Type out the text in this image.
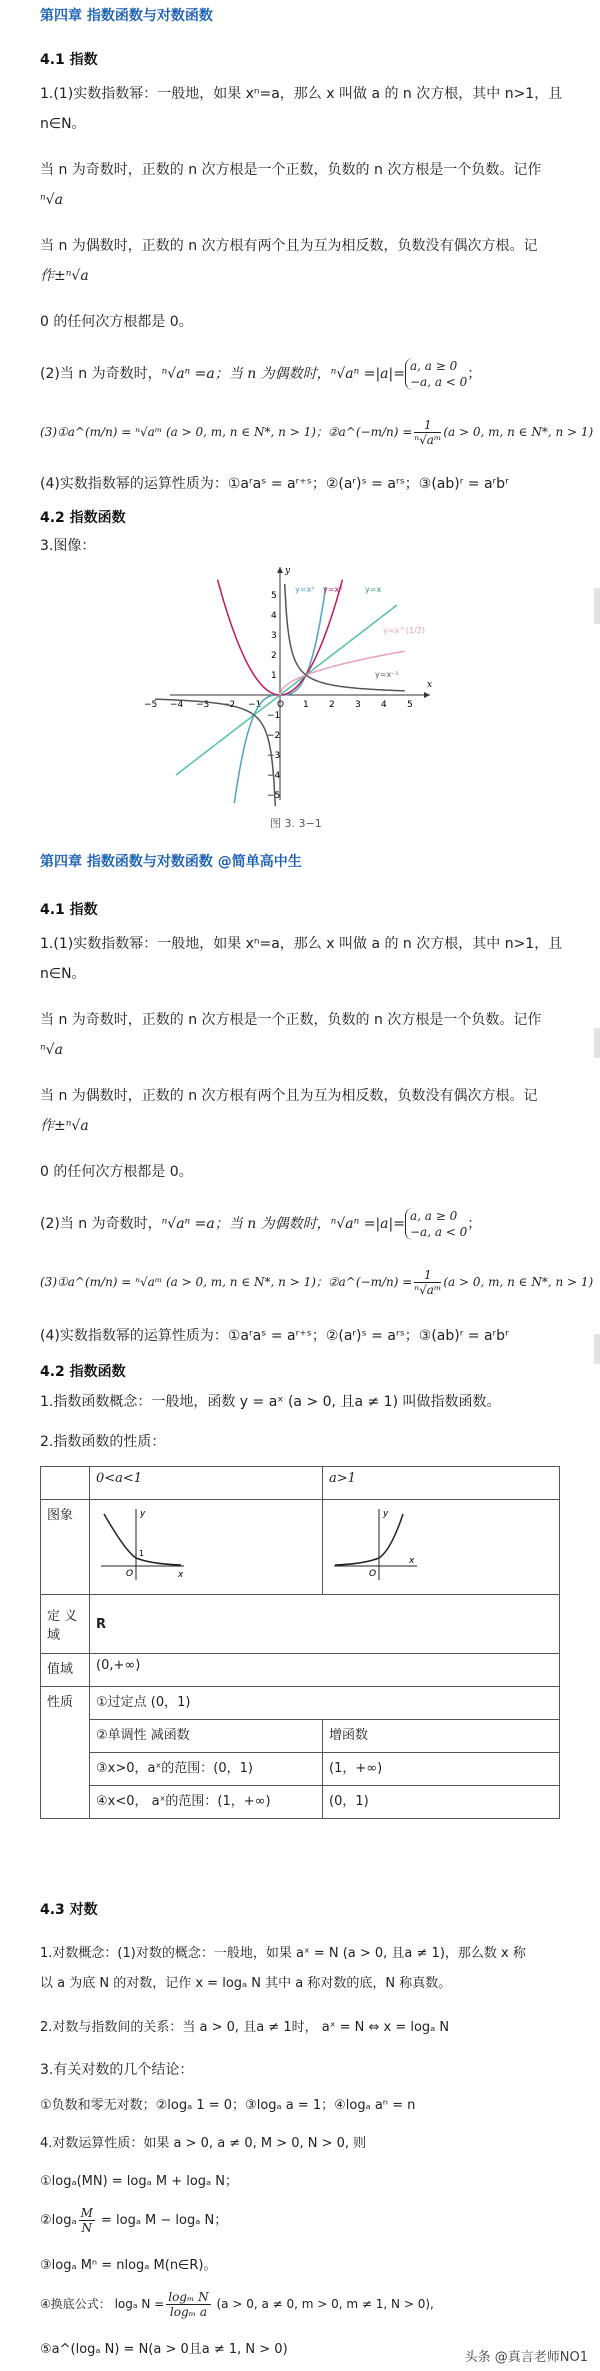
第四章 指数函数与对数函数
4.1 指数
1.(1)实数指数幂：一般地，如果 xⁿ=a，那么 x 叫做 a 的 n 次方根，其中 n>1，且
n∈N。
当 n 为奇数时，正数的 n 次方根是一个正数，负数的 n 次方根是一个负数。记作
ⁿ√a
当 n 为偶数时，正数的 n 次方根有两个且为互为相反数，负数没有偶次方根。记
作±ⁿ√a
0 的任何次方根都是 0。
(2)当 n 为奇数时，ⁿ√aⁿ =a；当 n 为偶数时，ⁿ√aⁿ =|a|= a, a ≥ 0
−a, a < 0 ；
(3)①a^(m/n) = ⁿ√aᵐ (a > 0, m, n ∈ N*, n > 1)；②a^(−m/n) = $\frac{1}{\text{ⁿ√aᵐ}} (a > 0$, m, n ∈ N*, n > 1)
(4)实数指数幂的运算性质为：①aʳaˢ = aʳ⁺ˢ；②(aʳ)ˢ = aʳˢ；③(ab)ʳ = aʳbʳ
4.2 指数函数
3.图像：
−5 −4 −3 −2 −1 O 1 2 3 4 5
5
4
3
2
1
−1
−2
−3
−4
−5
x
y
y=x³ y=x²	y=x
y=x^(1/2)
y=x⁻¹
图 3. 3−1
第四章 指数函数与对数函数 @简单高中生
4.1 指数
1.(1)实数指数幂：一般地，如果 xⁿ=a，那么 x 叫做 a 的 n 次方根，其中 n>1，且
n∈N。
当 n 为奇数时，正数的 n 次方根是一个正数，负数的 n 次方根是一个负数。记作
ⁿ√a
当 n 为偶数时，正数的 n 次方根有两个且为互为相反数，负数没有偶次方根。记
作±ⁿ√a
0 的任何次方根都是 0。
(2)当 n 为奇数时，ⁿ√aⁿ =a；当 n 为偶数时，ⁿ√aⁿ =|a|= a, a ≥ 0
−a, a < 0 ；
(3)①a^(m/n) = ⁿ√aᵐ (a > 0, m, n ∈ N*, n > 1)；②a^(−m/n) = $\frac{1}{\text{ⁿ√aᵐ}} (a > 0$, m, n ∈ N*, n > 1)
(4)实数指数幂的运算性质为：①aʳaˢ = aʳ⁺ˢ；②(aʳ)ˢ = aʳˢ；③(ab)ʳ = aʳbʳ
4.2 指数函数
1.指数函数概念：一般地，函数 y = aˣ (a > 0, 且a ≠ 1) 叫做指数函数。
2.指数函数的性质：
	0<a<1	a>1
图象	y
x
O
1	y
x
O

定 义
域	R	
值域	(0,+∞)	
性质	①过定点 (0，1)	
	②单调性 减函数	增函数
	③x>0，aˣ的范围：(0，1)	(1，+∞)
	④x<0， aˣ的范围：(1，+∞)	(0，1)
4.3 对数
1.对数概念：(1)对数的概念：一般地，如果 aˣ = N (a > 0, 且a ≠ 1)，那么数 x 称
以 a 为底 N 的对数，记作 x = logₐ N 其中 a 称对数的底，N 称真数。
2.对数与指数间的关系：当 a > 0, 且a ≠ 1时， aˣ = N ⇔ x = logₐ N
3.有关对数的几个结论：
①负数和零无对数；②logₐ 1 = 0；③logₐ a = 1；④logₐ aⁿ = n
4.对数运算性质：如果 a > 0, a ≠ 0, M > 0, N > 0, 则
①logₐ(MN) = logₐ M + logₐ N；
②logₐ $\frac{M}{N} = \log_a$ M − logₐ N；
③logₐ Mⁿ = nlogₐ M(n∈R)。
④换底公式： logₐ $N = \frac{\text{logₘ N}}{\text{logₘ a}} (a > 0$, a ≠ 0, m > 0, m ≠ 1, N > 0),
⑤a^(logₐ N) = N(a > 0且a ≠ 1, N > 0)
头条 @真言老师NO1
